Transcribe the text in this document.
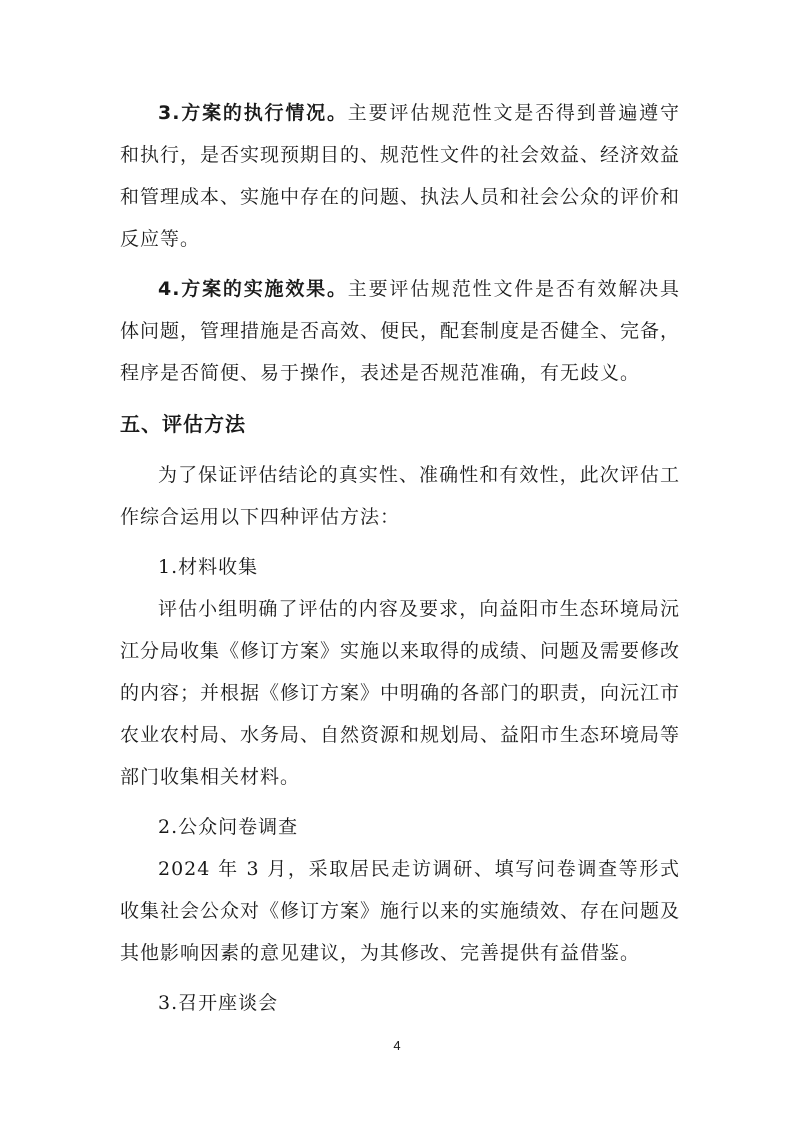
3.方案的执行情况。主要评估规范性文是否得到普遍遵守和执行，是否实现预期目的、规范性文件的社会效益、经济效益和管理成本、实施中存在的问题、执法人员和社会公众的评价和反应等。

4.方案的实施效果。主要评估规范性文件是否有效解决具体问题，管理措施是否高效、便民，配套制度是否健全、完备，程序是否简便、易于操作，表述是否规范准确，有无歧义。

五、评估方法

为了保证评估结论的真实性、准确性和有效性，此次评估工作综合运用以下四种评估方法：

1.材料收集

评估小组明确了评估的内容及要求，向益阳市生态环境局沅江分局收集《修订方案》实施以来取得的成绩、问题及需要修改的内容；并根据《修订方案》中明确的各部门的职责，向沅江市农业农村局、水务局、自然资源和规划局、益阳市生态环境局等部门收集相关材料。

2.公众问卷调查

2024 年 3 月，采取居民走访调研、填写问卷调查等形式收集社会公众对《修订方案》施行以来的实施绩效、存在问题及其他影响因素的意见建议，为其修改、完善提供有益借鉴。

3.召开座谈会

4
